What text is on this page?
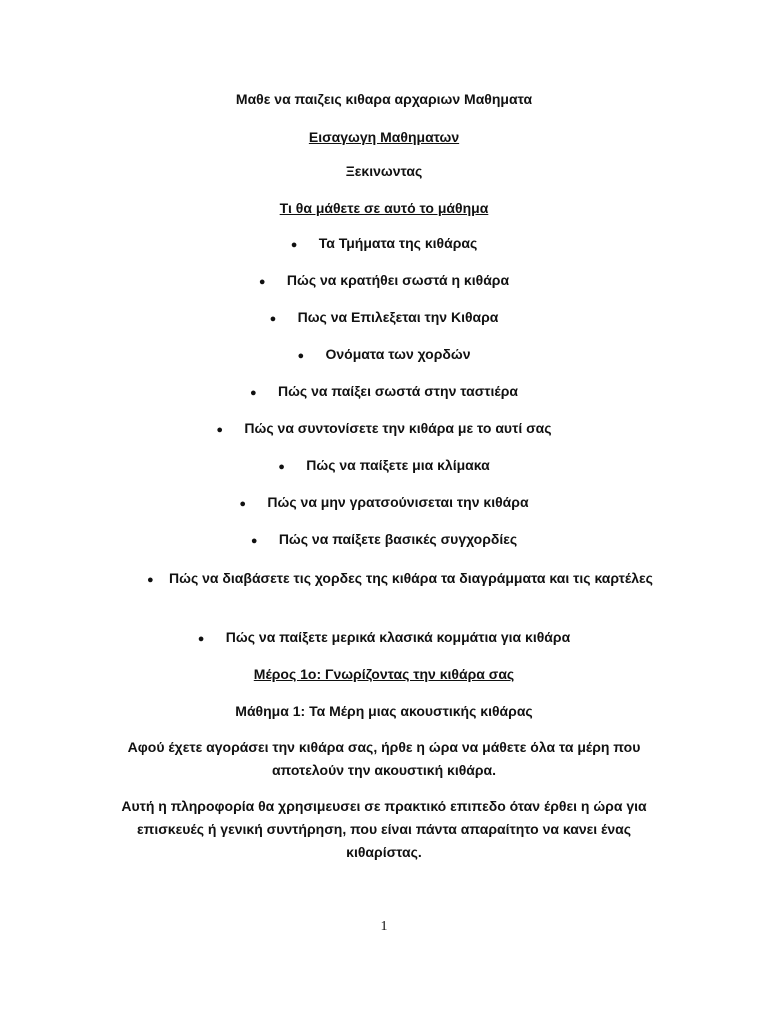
Μαθε να παιζεις κιθαρα αρχαριων Μαθηματα
Εισαγωγη Μαθηματων
Ξεκινωντας
Τι θα μάθετε σε αυτό το μάθημα
● Τα Τμήματα της κιθάρας
● Πώς να κρατήθει σωστά η κιθάρα
● Πως να Επιλεξεται την Κιθαρα
● Ονόματα των χορδών
● Πώς να παίξει σωστά στην ταστιέρα
● Πώς να συντονίσετε την κιθάρα με το αυτί σας
● Πώς να παίξετε μια κλίμακα
● Πώς να μην γρατσούνισεται την κιθάρα
● Πώς να παίξετε βασικές συγχορδίες
● Πώς να διαβάσετε τις χορδες της κιθάρα τα διαγράμματα και τις καρτέλες
● Πώς να παίξετε μερικά κλασικά κομμάτια για κιθάρα
Μέρος 1ο: Γνωρίζοντας την κιθάρα σας
Μάθημα 1: Τα Μέρη μιας ακουστικής κιθάρας
Αφού έχετε αγοράσει την κιθάρα σας, ήρθε η ώρα να μάθετε όλα τα μέρη που αποτελούν την ακουστική κιθάρα.
Αυτή η πληροφορία θα χρησιμευσει σε πρακτικό επιπεδο όταν έρθει η ώρα για επισκευές ή γενική συντήρηση, που είναι πάντα απαραίτητο να κανει ένας κιθαρίστας.
1
